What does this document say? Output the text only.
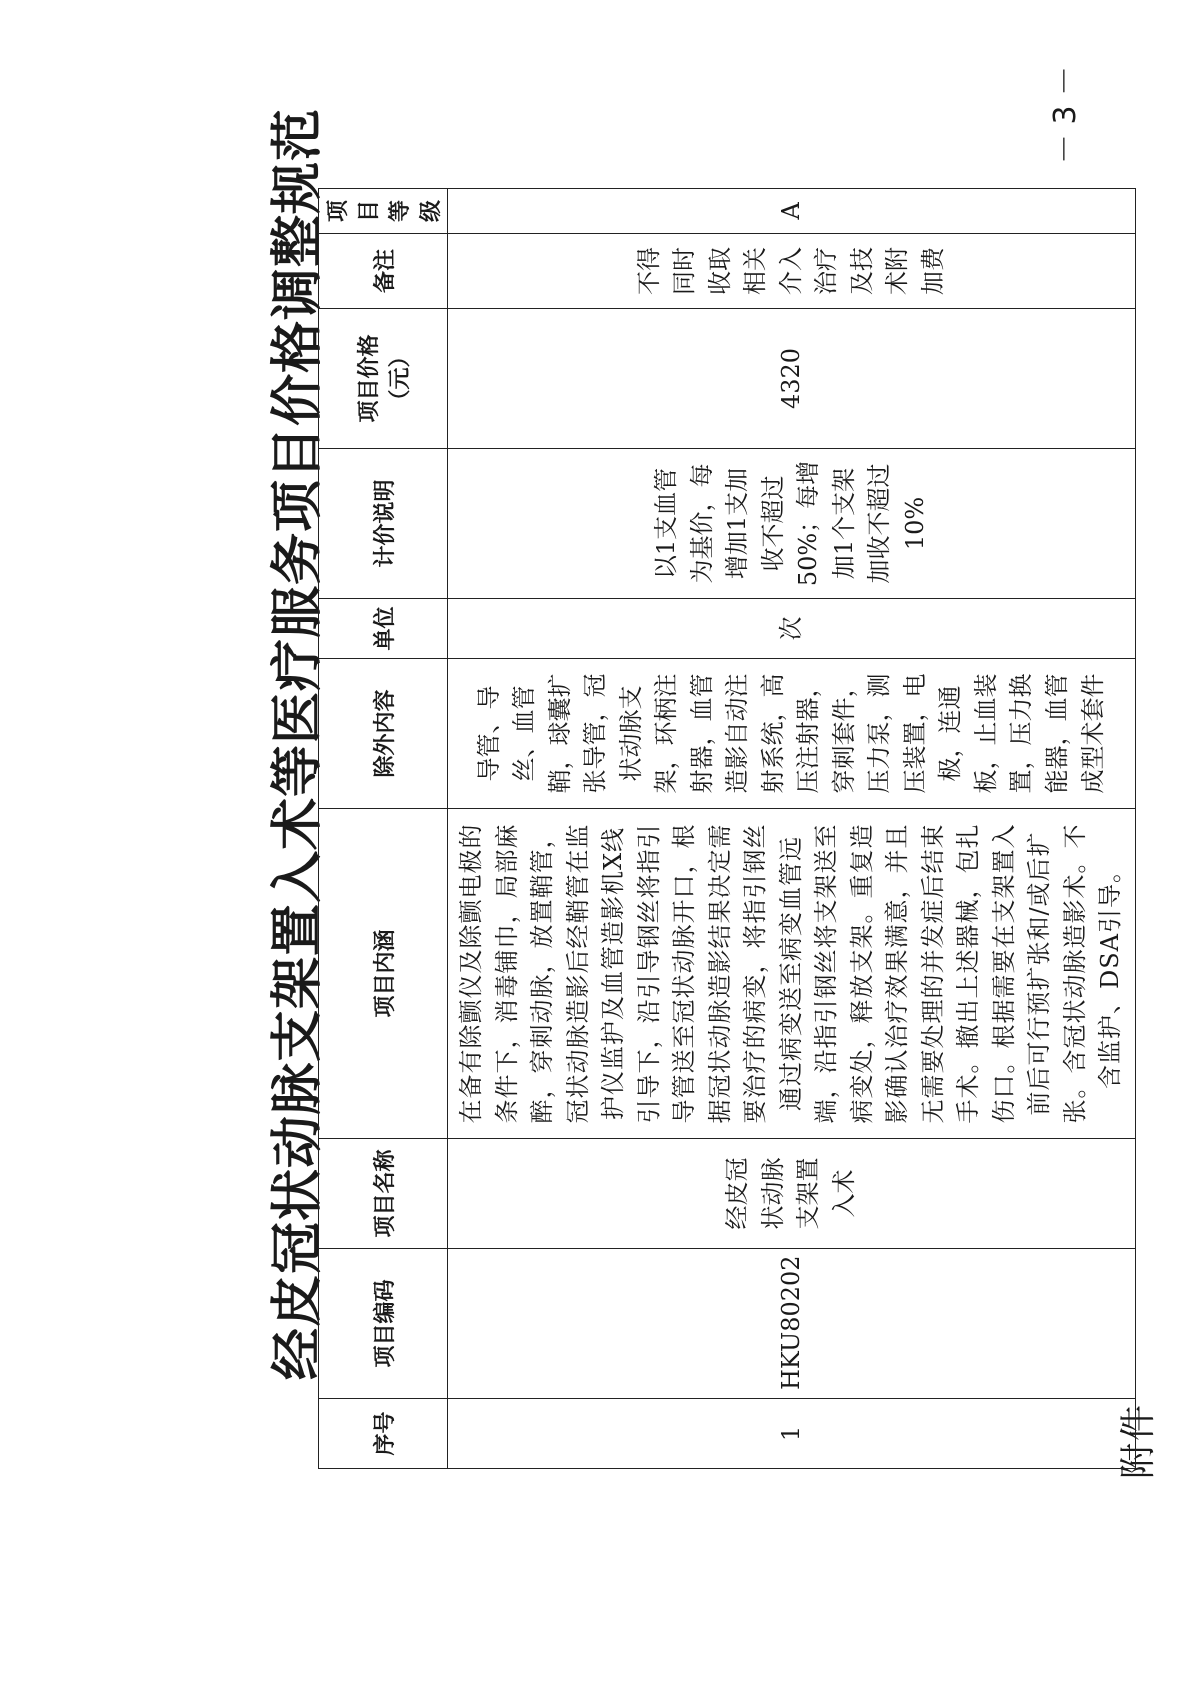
附件
经皮冠状动脉支架置入术等医疗服务项目价格调整规范
序号	项目编码	项目名称	项目内涵	除外内容	单位	计价说明	项目价格（元）	备注	项目等级
1	HKU80202	经皮冠状动脉支架置入术	在备有除颤仪及除颤电极的条件下，消毒铺巾，局部麻醉，穿刺动脉，放置鞘管，冠状动脉造影后经鞘管在监护仪监护及血管造影机X线引导下，沿引导钢丝将指引导管送至冠状动脉开口，根据冠状动脉造影结果决定需要治疗的病变，将指引钢丝通过病变送至病变血管远端，沿指引钢丝将支架送至病变处，释放支架。重复造影确认治疗效果满意，并且无需要处理的并发症后结束手术。撤出上述器械，包扎伤口。根据需要在支架置入前后可行预扩张和/或后扩张。含冠状动脉造影术。不含监护、DSA引导。	导管、导丝、血管鞘，球囊扩张导管，冠状动脉支架，环柄注射器，血管造影自动注射系统，高压注射器，穿刺套件，压力泵，测压装置，电极，连通板，止血装置，压力换能器，血管成型术套件	次	以1支血管为基价，每增加1支加收不超过50%；每增加1个支架加收不超过10%	4320	不得同时收取相关介入治疗及技术附加费	A
－ 3 －
